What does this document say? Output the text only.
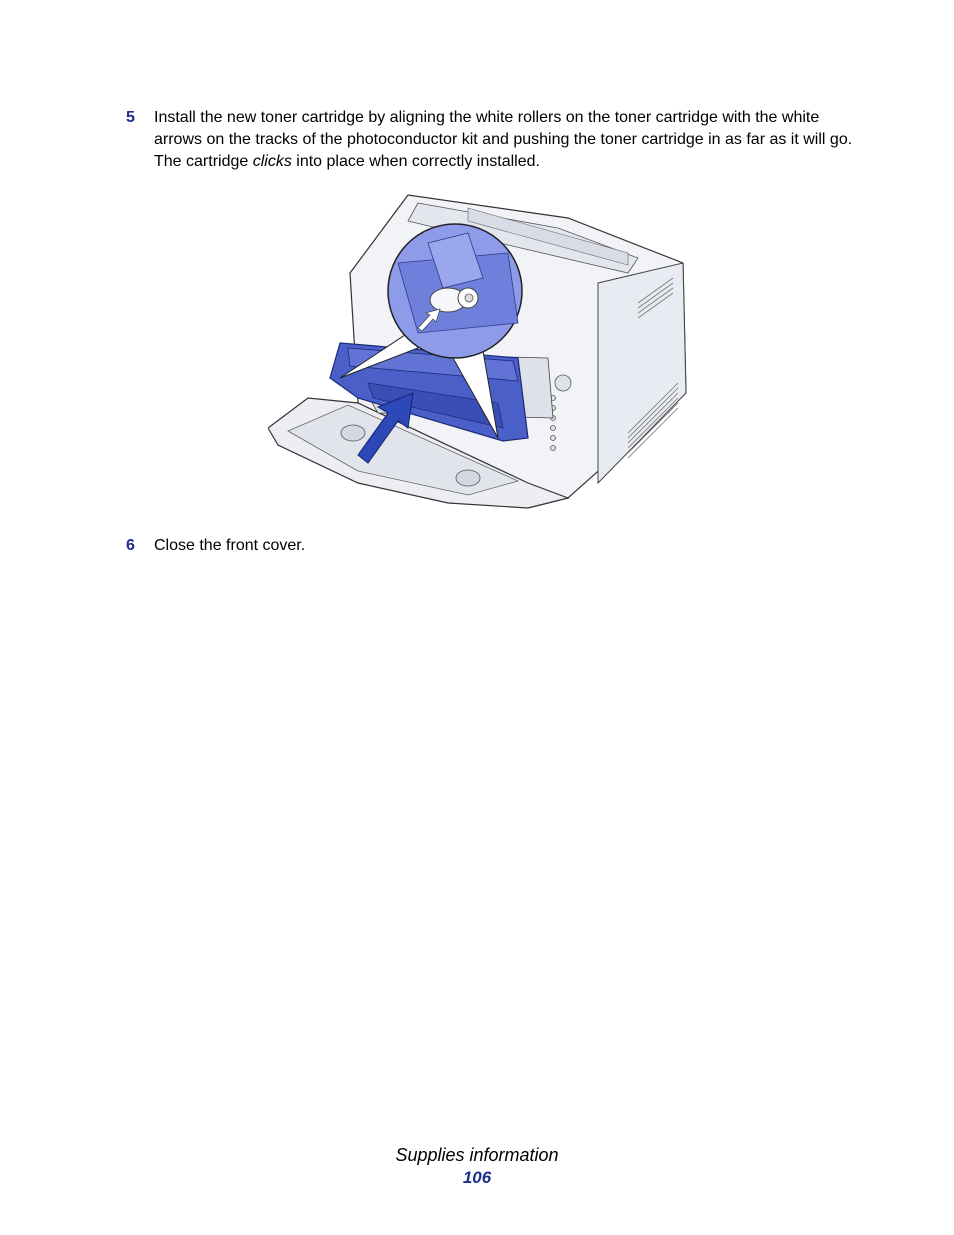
5 Install the new toner cartridge by aligning the white rollers on the toner cartridge with the white arrows on the tracks of the photoconductor kit and pushing the toner cartridge in as far as it will go. The cartridge clicks into place when correctly installed.
6 Close the front cover.
Supplies information
106
